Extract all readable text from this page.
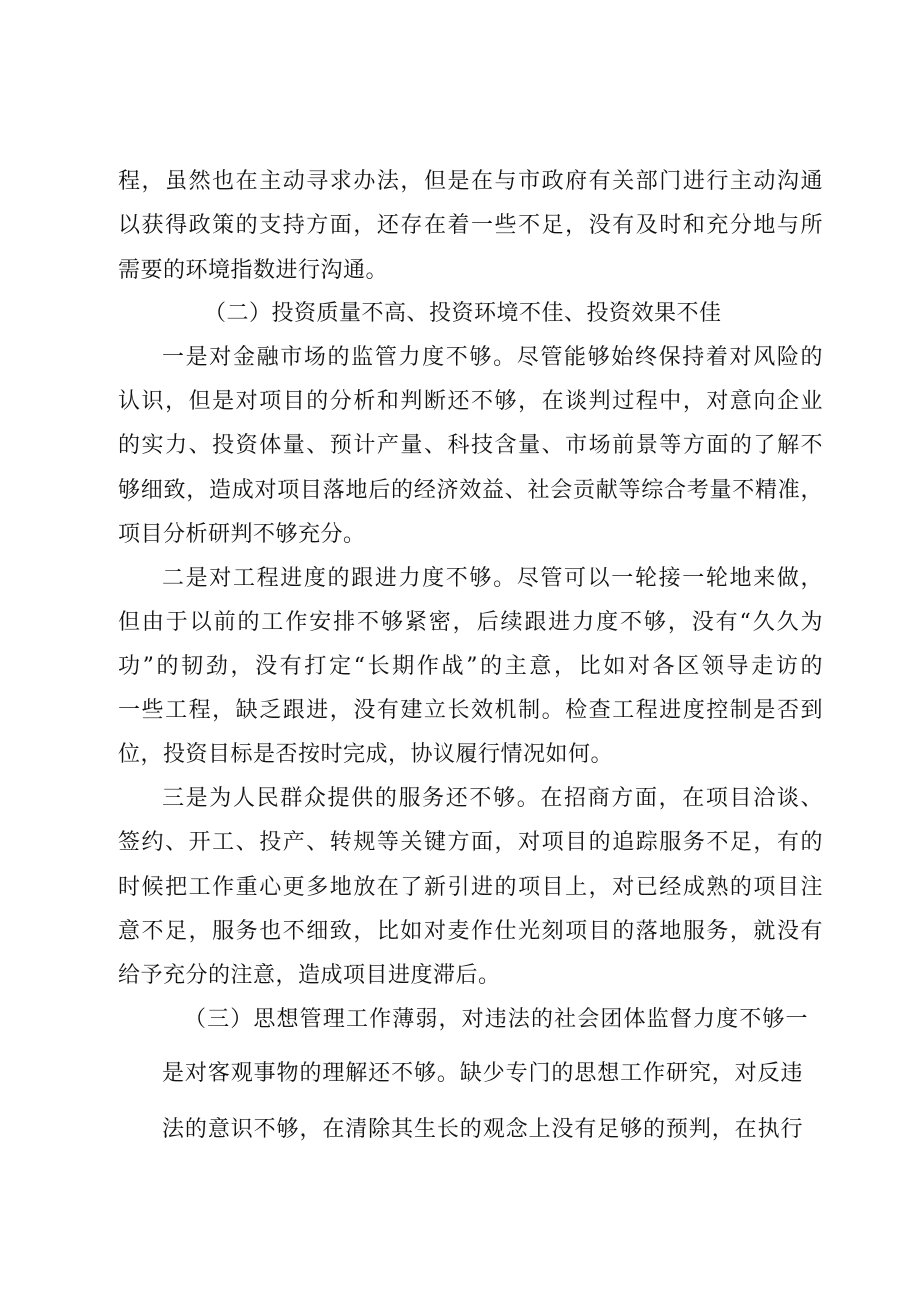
程，虽然也在主动寻求办法，但是在与市政府有关部门进行主动沟通

以获得政策的支持方面，还存在着一些不足，没有及时和充分地与所

需要的环境指数进行沟通。

（二）投资质量不高、投资环境不佳、投资效果不佳

一是对金融市场的监管力度不够。尽管能够始终保持着对风险的

认识，但是对项目的分析和判断还不够，在谈判过程中，对意向企业

的实力、投资体量、预计产量、科技含量、市场前景等方面的了解不

够细致，造成对项目落地后的经济效益、社会贡献等综合考量不精准，

项目分析研判不够充分。

二是对工程进度的跟进力度不够。尽管可以一轮接一轮地来做，

但由于以前的工作安排不够紧密，后续跟进力度不够，没有“久久为

功”的韧劲，没有打定“长期作战”的主意，比如对各区领导走访的

一些工程，缺乏跟进，没有建立长效机制。检查工程进度控制是否到

位，投资目标是否按时完成，协议履行情况如何。

三是为人民群众提供的服务还不够。在招商方面，在项目洽谈、

签约、开工、投产、转规等关键方面，对项目的追踪服务不足，有的

时候把工作重心更多地放在了新引进的项目上，对已经成熟的项目注

意不足，服务也不细致，比如对麦作仕光刻项目的落地服务，就没有

给予充分的注意，造成项目进度滞后。

（三）思想管理工作薄弱，对违法的社会团体监督力度不够一

是对客观事物的理解还不够。缺少专门的思想工作研究，对反违

法的意识不够，在清除其生长的观念上没有足够的预判，在执行
